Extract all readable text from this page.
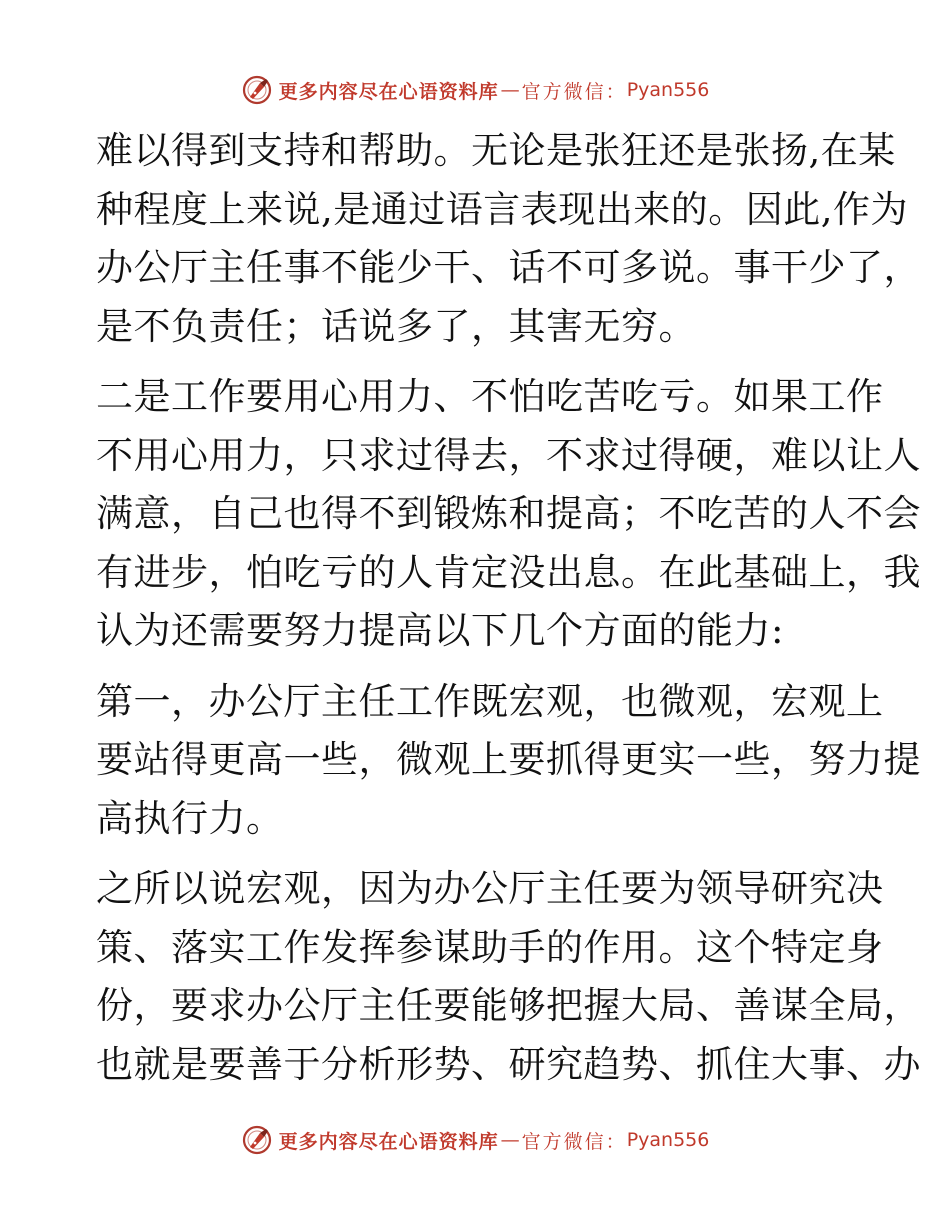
更多内容尽在心语资料库 — 官方微信： Pyan556
难以得到支持和帮助。无论是张狂还是张扬,在某
种程度上来说,是通过语言表现出来的。因此,作为
办公厅主任事不能少干、话不可多说。事干少了，
是不负责任；话说多了，其害无穷。
二是工作要用心用力、不怕吃苦吃亏。如果工作
不用心用力，只求过得去，不求过得硬，难以让人
满意，自己也得不到锻炼和提高；不吃苦的人不会
有进步，怕吃亏的人肯定没出息。在此基础上，我
认为还需要努力提高以下几个方面的能力:
第一，办公厅主任工作既宏观，也微观，宏观上
要站得更高一些，微观上要抓得更实一些，努力提
高执行力。
之所以说宏观，因为办公厅主任要为领导研究决
策、落实工作发挥参谋助手的作用。这个特定身
份，要求办公厅主任要能够把握大局、善谋全局，
也就是要善于分析形势、研究趋势、抓住大事、办
更多内容尽在心语资料库 — 官方微信： Pyan556
